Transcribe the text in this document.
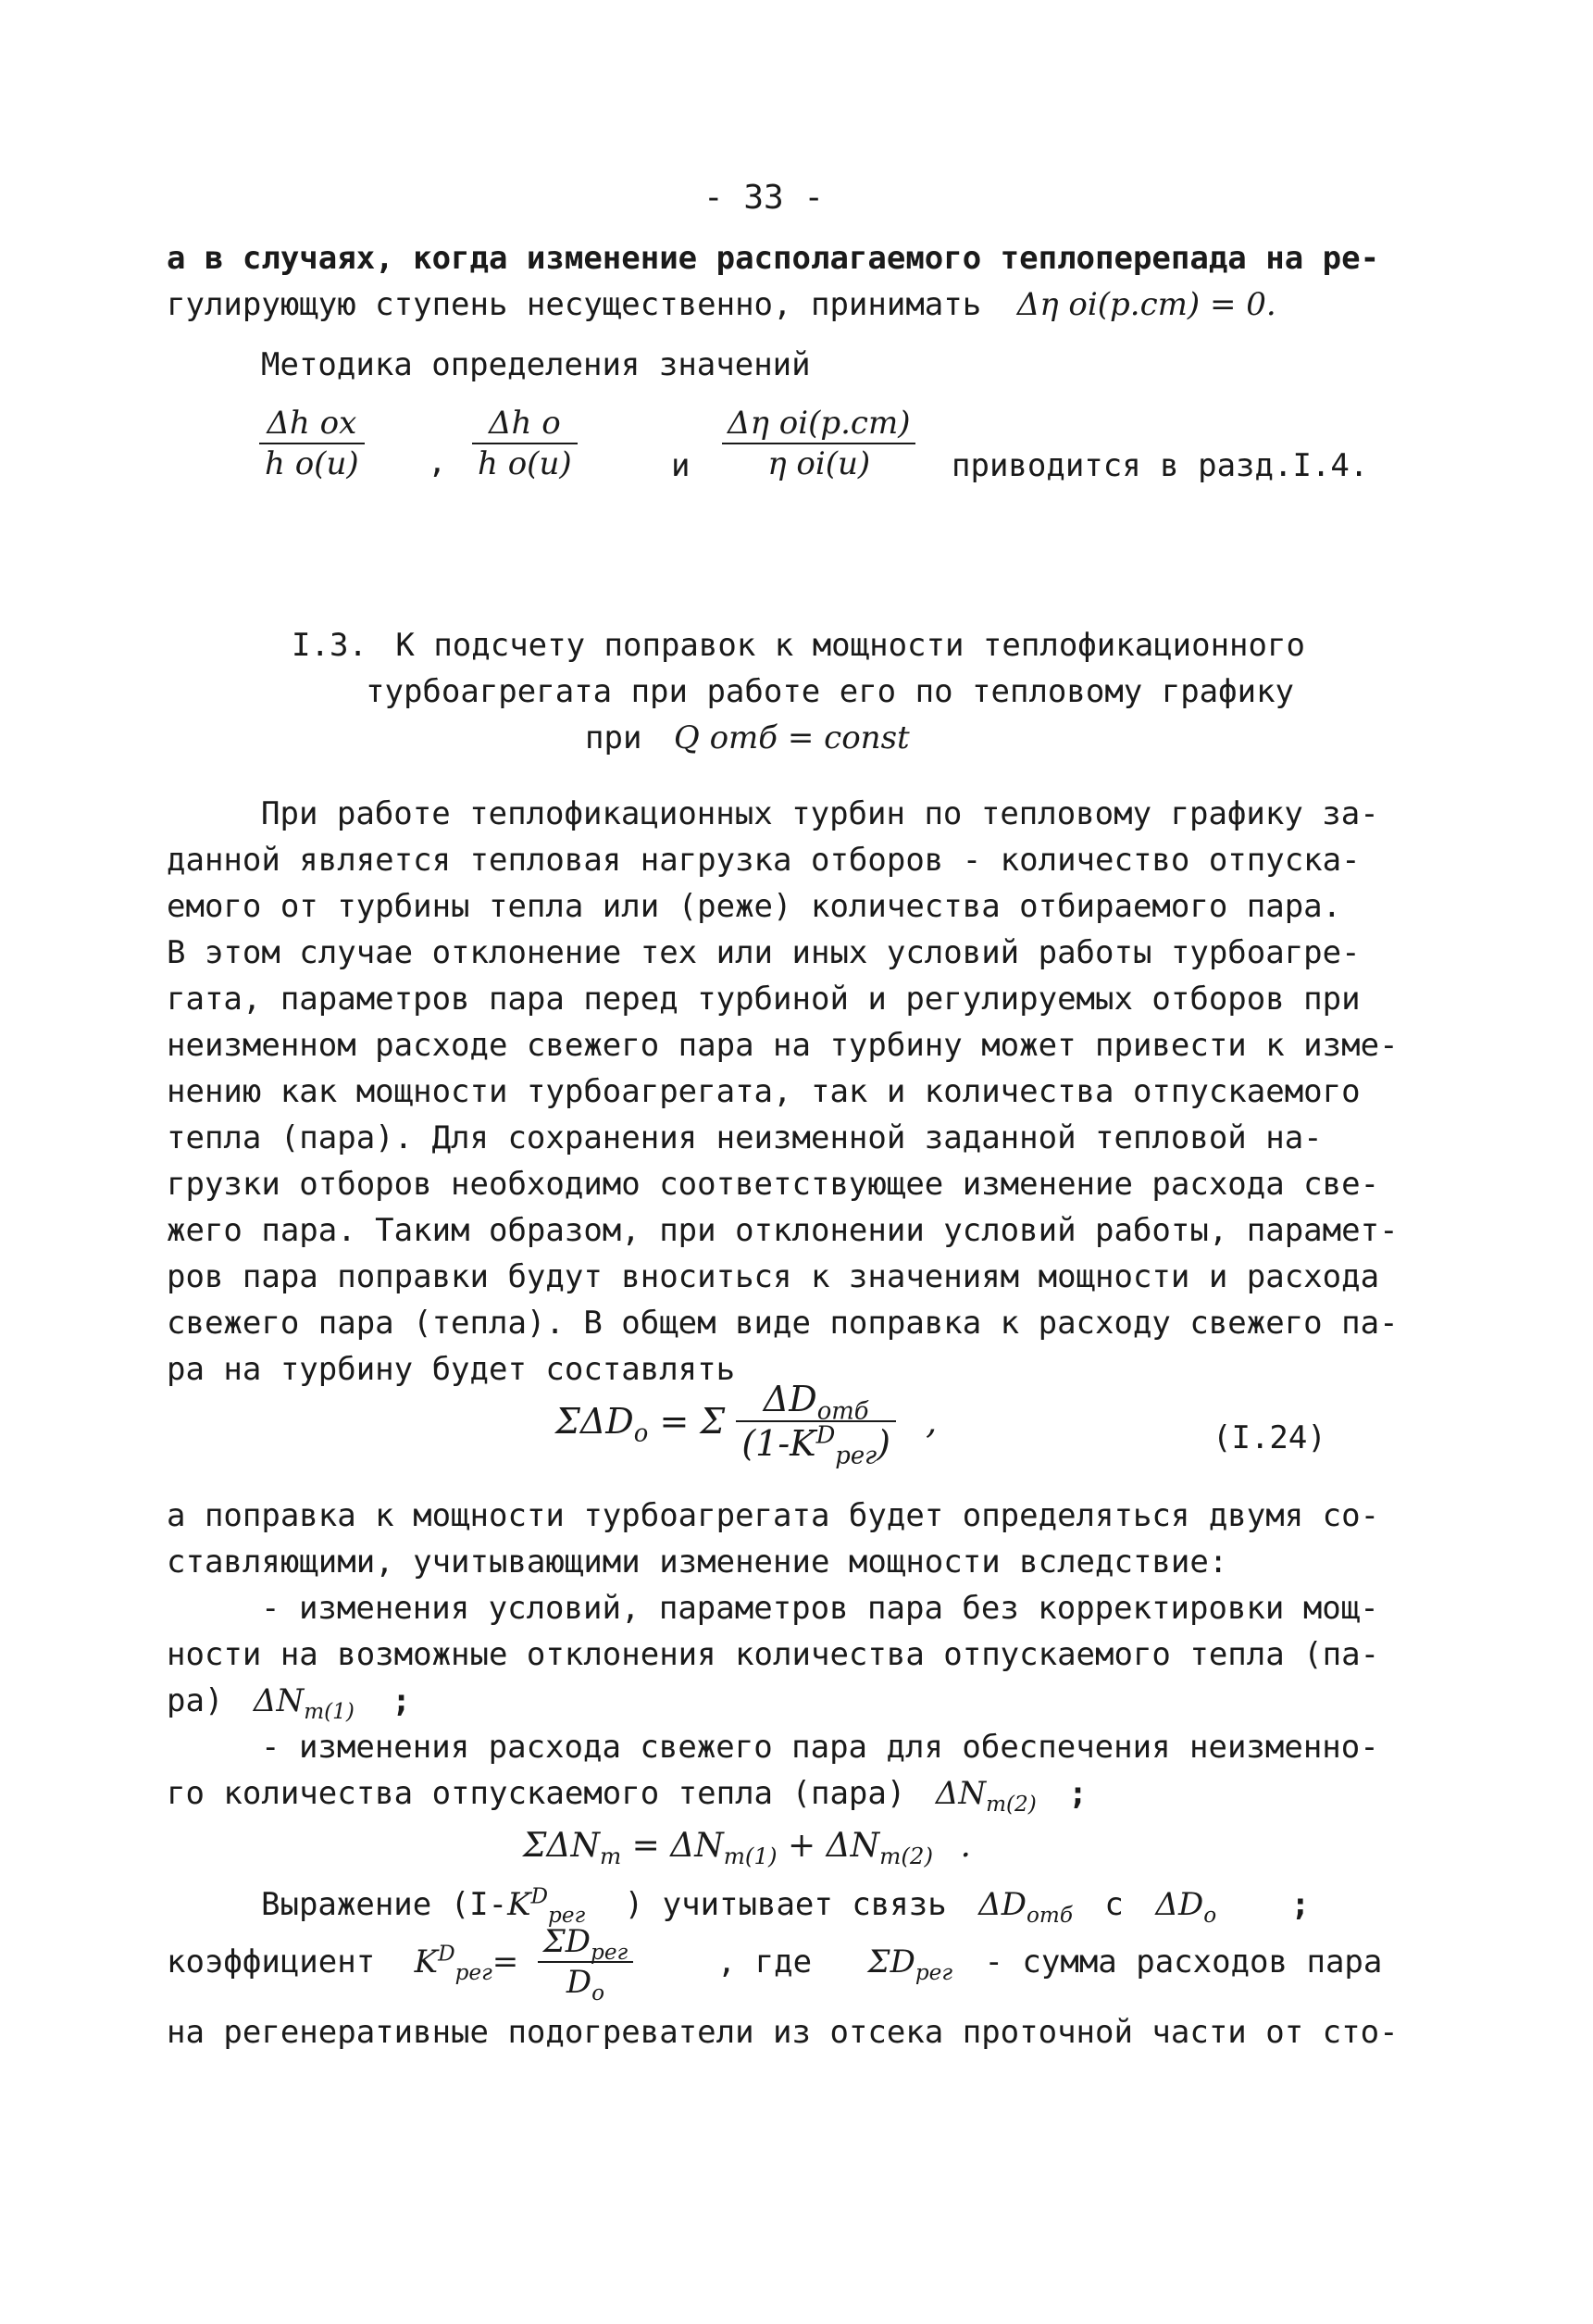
- 33 -
а в случаях, когда изменение располагаемого теплоперепада на ре-
гулирующую ступень несущественно, принимать Δη oi(p.ст) = 0.
Методика определения значений
$\frac{\text{Δh ox}}{\text{h o(и)}}$ , $\frac{\text{Δh o}}{\text{h o(и)}}$	и $\frac{\text{Δη oi(p.ст)}}{\text{η oi(и)}}$ приводится в разд.I.4.
I.3. К подсчету поправок к мощности теплофикационного
турбоагрегата при работе его по тепловому графику
при Q отб = const
При работе теплофикационных турбин по тепловому графику за-
данной является тепловая нагрузка отборов - количество отпуска-
емого от турбины тепла или (реже) количества отбираемого пара.
В этом случае отклонение тех или иных условий работы турбоагре-
гата, параметров пара перед турбиной и регулируемых отборов при
неизменном расходе свежего пара на турбину может привести к изме-
нению как мощности турбоагрегата, так и количества отпускаемого
тепла (пара). Для сохранения неизменной заданной тепловой на-
грузки отборов необходимо соответствующее изменение расхода све-
жего пара. Таким образом, при отклонении условий работы, парамет-
ров пара поправки будут вноситься к значениям мощности и расхода
свежего пара (тепла). В общем виде поправка к расходу свежего па-
ра на турбину будет составлять
$\Sigma\Delta D_o = \Sigma \frac{\Delta D_{отб}}{(1-K^D_{рег})}$ ,	(I.24)
а поправка к мощности турбоагрегата будет определяться двумя со-
ставляющими, учитывающими изменение мощности вследствие:
- изменения условий, параметров пара без корректировки мощ-
ности на возможные отклонения количества отпускаемого тепла (па-
ра) $\Delta N_{т(1)}$ ;
- изменения расхода свежего пара для обеспечения неизменно-
го количества отпускаемого тепла (пара) $\Delta N_{т(2)}$ ;
$\Sigma\Delta N_т = \Delta N_{т(1)} + \Delta N_{т(2)}$ .
Выражение ($I-K^D_{рег}$ ) учитывает связь $\Delta D_{отб}$ с $\Delta D_o$ ;
коэффициент $K^D_{рег}= \frac{\Sigma D_{рег}}{D_o}$	, где $\Sigma D_{рег}$ - сумма расходов пара
на регенеративные подогреватели из отсека проточной части от сто-
